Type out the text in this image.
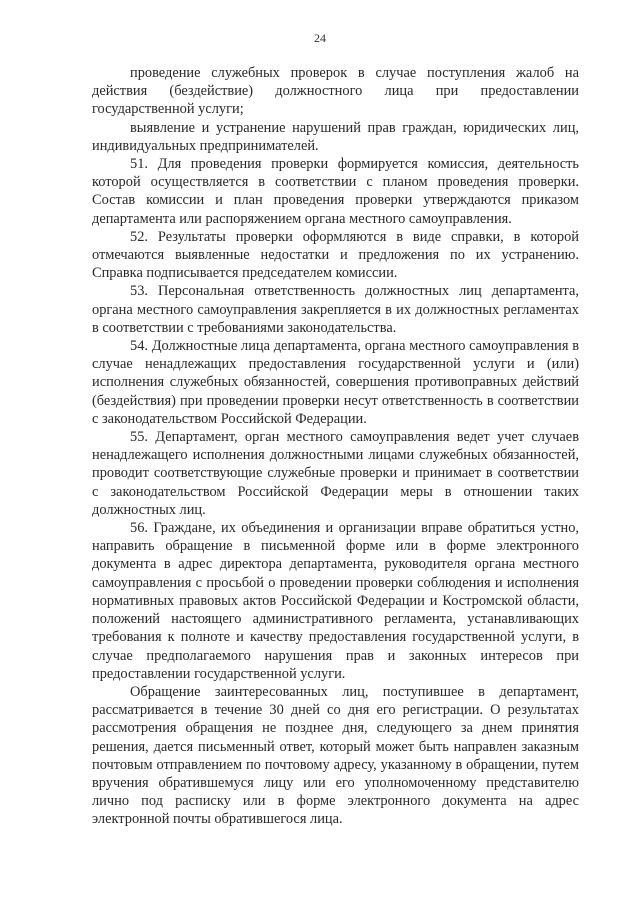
24

проведение служебных проверок в случае поступления жалоб на действия (бездействие) должностного лица при предоставлении государственной услуги;

выявление и устранение нарушений прав граждан, юридических лиц, индивидуальных предпринимателей.

51. Для проведения проверки формируется комиссия, деятельность которой осуществляется в соответствии с планом проведения проверки. Состав комиссии и план проведения проверки утверждаются приказом департамента или распоряжением органа местного самоуправления.

52. Результаты проверки оформляются в виде справки, в которой отмечаются выявленные недостатки и предложения по их устранению. Справка подписывается председателем комиссии.

53. Персональная ответственность должностных лиц департамента, органа местного самоуправления закрепляется в их должностных регламентах в соответствии с требованиями законодательства.

54. Должностные лица департамента, органа местного самоуправления в случае ненадлежащих предоставления государственной услуги и (или) исполнения служебных обязанностей, совершения противоправных действий (бездействия) при проведении проверки несут ответственность в соответствии с законодательством Российской Федерации.

55. Департамент, орган местного самоуправления ведет учет случаев ненадлежащего исполнения должностными лицами служебных обязанностей, проводит соответствующие служебные проверки и принимает в соответствии с законодательством Российской Федерации меры в отношении таких должностных лиц.

56. Граждане, их объединения и организации вправе обратиться устно, направить обращение в письменной форме или в форме электронного документа в адрес директора департамента, руководителя органа местного самоуправления с просьбой о проведении проверки соблюдения и исполнения нормативных правовых актов Российской Федерации и Костромской области, положений настоящего административного регламента, устанавливающих требования к полноте и качеству предоставления государственной услуги, в случае предполагаемого нарушения прав и законных интересов при предоставлении государственной услуги.

Обращение заинтересованных лиц, поступившее в департамент, рассматривается в течение 30 дней со дня его регистрации. О результатах рассмотрения обращения не позднее дня, следующего за днем принятия решения, дается письменный ответ, который может быть направлен заказным почтовым отправлением по почтовому адресу, указанному в обращении, путем вручения обратившемуся лицу или его уполномоченному представителю лично под расписку или в форме электронного документа на адрес электронной почты обратившегося лица.
